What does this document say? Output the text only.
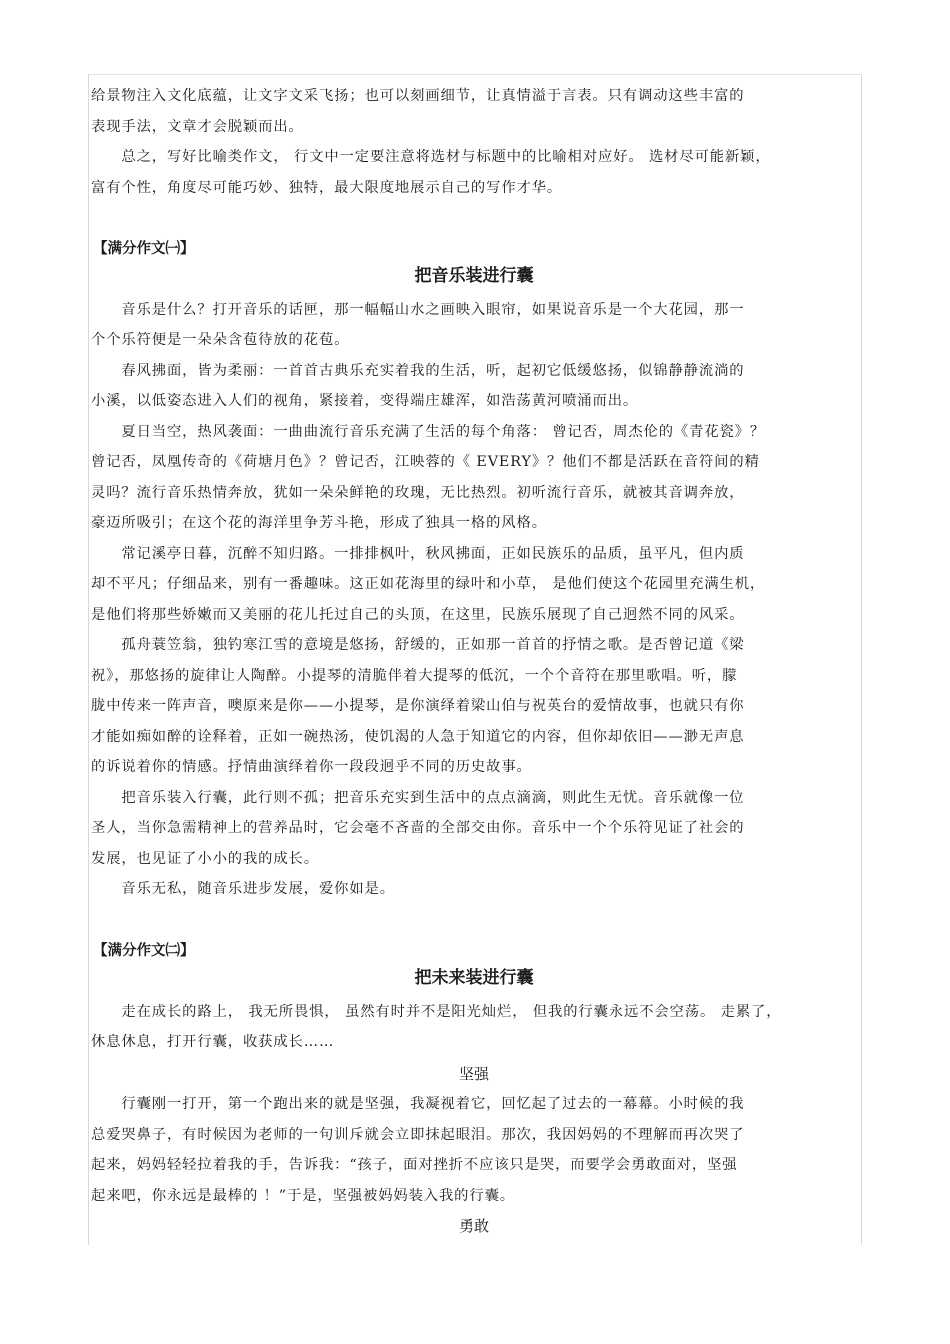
给景物注入文化底蕴，让文字文采飞扬；也可以刻画细节，让真情溢于言表。只有调动这些丰富的
表现手法，文章才会脱颖而出。
　　总之，写好比喻类作文， 行文中一定要注意将选材与标题中的比喻相对应好。 选材尽可能新颖，
富有个性，角度尽可能巧妙、独特，最大限度地展示自己的写作才华。
【满分作文㈠】
把音乐装进行囊
　　音乐是什么？打开音乐的话匣，那一幅幅山水之画映入眼帘，如果说音乐是一个大花园，那一
个个乐符便是一朵朵含苞待放的花苞。
　　春风拂面，皆为柔丽：一首首古典乐充实着我的生活，听，起初它低缓悠扬，似锦静静流淌的
小溪，以低姿态进入人们的视角，紧接着，变得端庄雄浑，如浩荡黄河喷涌而出。
　　夏日当空，热风袭面：一曲曲流行音乐充满了生活的每个角落： 曾记否，周杰伦的《青花瓷》？
曾记否，凤凰传奇的《荷塘月色》？曾记否，江映蓉的《 EVERY》？他们不都是活跃在音符间的精
灵吗？流行音乐热情奔放，犹如一朵朵鲜艳的玫瑰，无比热烈。初听流行音乐，就被其音调奔放，
豪迈所吸引；在这个花的海洋里争芳斗艳，形成了独具一格的风格。
　　常记溪亭日暮，沉醉不知归路。一排排枫叶，秋风拂面，正如民族乐的品质，虽平凡，但内质
却不平凡；仔细品来，别有一番趣味。这正如花海里的绿叶和小草， 是他们使这个花园里充满生机，
是他们将那些娇嫩而又美丽的花儿托过自己的头顶，在这里，民族乐展现了自己迥然不同的风采。
　　孤舟蓑笠翁，独钓寒江雪的意境是悠扬，舒缓的，正如那一首首的抒情之歌。是否曾记道《梁
祝》，那悠扬的旋律让人陶醉。小提琴的清脆伴着大提琴的低沉，一个个音符在那里歌唱。听，朦
胧中传来一阵声音，噢原来是你——小提琴，是你演绎着梁山伯与祝英台的爱情故事，也就只有你
才能如痴如醉的诠释着，正如一碗热汤，使饥渴的人急于知道它的内容，但你却依旧——渺无声息
的诉说着你的情感。抒情曲演绎着你一段段迥乎不同的历史故事。
　　把音乐装入行囊，此行则不孤；把音乐充实到生活中的点点滴滴，则此生无忧。音乐就像一位
圣人，当你急需精神上的营养品时，它会毫不吝啬的全部交由你。音乐中一个个乐符见证了社会的
发展，也见证了小小的我的成长。
　　音乐无私，随音乐进步发展，爱你如是。
【满分作文㈡】
把未来装进行囊
　　走在成长的路上， 我无所畏惧， 虽然有时并不是阳光灿烂， 但我的行囊永远不会空荡。 走累了，
休息休息，打开行囊，收获成长……
坚强
　　行囊刚一打开，第一个跑出来的就是坚强，我凝视着它，回忆起了过去的一幕幕。小时候的我
总爱哭鼻子，有时候因为老师的一句训斥就会立即抹起眼泪。那次，我因妈妈的不理解而再次哭了
起来，妈妈轻轻拉着我的手，告诉我：“孩子，面对挫折不应该只是哭，而要学会勇敢面对，坚强
起来吧，你永远是最棒的 ！”于是，坚强被妈妈装入我的行囊。
勇敢
